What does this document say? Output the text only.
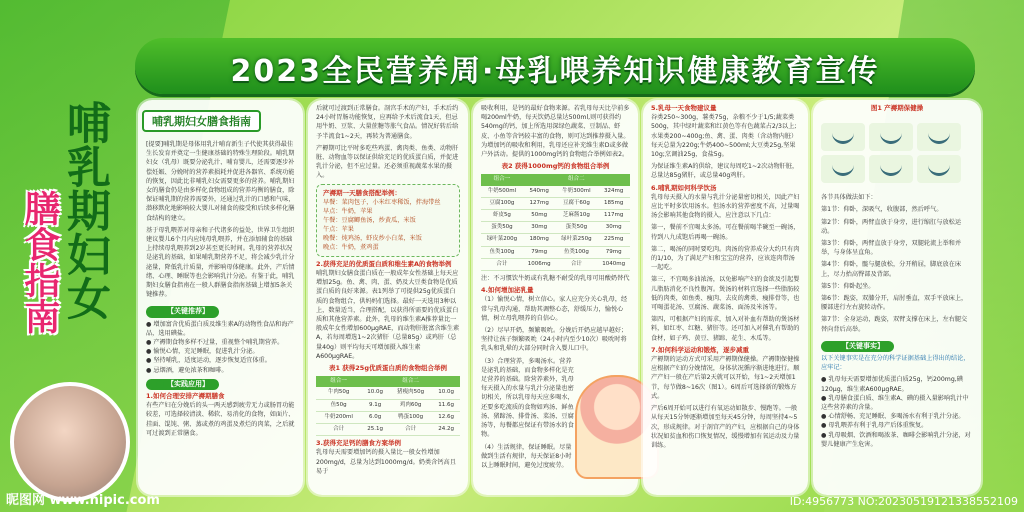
2023全民营养周·母乳喂养知识健康教育宣传
哺乳期妇女
膳食指南
哺乳期妇女膳食指南

[提要]哺乳期是母体用乳汁哺育新生子代使其获得最佳生长发育并奠定一生健康基础的特殊生理阶段。哺乳期妇女（乳母）既要分泌乳汁、哺育婴儿，还需要逐步补偿妊娠、分娩时的营养素损耗并促进各器官、系统功能的恢复，因此比非哺乳妇女需要更多的营养。哺乳期妇女的膳食仍是由多样化食物组成的营养均衡的膳食，除保证哺乳期的营养需要外，还通过乳汁的口感和气味，潜移默化地影响较大婴儿对辅食的接受和后续多样化膳食结构的建立。

基于母乳喂养对母亲和子代诸多的益处，世界卫生组织建议婴儿6个月内应纯母乳喂养，并在添加辅食的基础上持续母乳喂养到2岁甚至更长时间。乳母的营养状况是泌乳的基础，如果哺乳期营养不足，将会减少乳汁分泌量，降低乳汁质量，并影响母体健康。此外，产后情绪、心理、睡眠等也会影响乳汁分泌。有鉴于此，哺乳期妇女膳食指南在一般人群膳食指南基础上增加5条关键推荐。

【关键推荐】
● 增加富含优质蛋白质及维生素A的动物性食品和海产品，选用碘盐。
● 产褥期食物多样不过量，重视整个哺乳期营养。
● 愉悦心情，充足睡眠，促进乳汁分泌。
● 坚持哺乳，适度运动，逐步恢复适宜体重。
● 忌烟酒，避免浓茶和咖啡。
【实践应用】
1.如何合理安排产褥期膳食

有些产妇在分娩后的头一两天感到疲劳无力或肠胃功能较差，可选择较清淡、稀软、易消化的食物，如面片、挂面、馄饨、粥、蒸或煮的鸡蛋及煮烂的肉菜，之后就可过渡到正常膳食。

后就可过渡到正常膳食。剖宫手术的产妇，手术后约24小时胃肠功能恢复，应再给予术后流食1天，但忌用牛奶、豆浆、大量蔗糖等胀气食品。情况好转后给予半流食1~2天，再转为普通膳食。

产褥期可比平时多吃些鸡蛋、禽肉类、鱼类、动物肝脏、动物血等以保证供给充足的优质蛋白质，并促进乳汁分泌，但不应过量。还必须重视蔬菜水果的摄入。

产褥期一天膳食搭配举例：
早餐：菜肉包子，小米红枣稀饭，拌海带丝
早点：牛奶，苹果
午餐：豆腐鲫鱼汤，炒黄瓜，米饭
午点：苹果
晚餐：炖鸡汤，虾皮炒小白菜，米饭
晚点：牛奶，煮鸡蛋
2.获得充足的优质蛋白质和维生素A的食物举例

哺乳期妇女膳食蛋白质在一般成年女性基础上每天应增加25g。鱼、禽、肉、蛋、奶及大豆类食物是优质蛋白质的良好来源。表1列举了可提供25g优质蛋白质的食物组合，供妈妈们选择。最好一天选用3种以上，数量适当，合理搭配，以获得所需要的优质蛋白质和其他营养素。此外，乳母的维生素A推荐量比一般成年女性增加600μgRAE，而动物肝脏富含维生素A，若每周增选1~2次猪肝（总量85g）或鸡肝（总量40g）则平均每天可增加摄入维生素A600μgRAE。

表1 获得25g优质蛋白质的食物组合举例
组合一		组合二	
牛肉50g	10.0g	猪瘦肉50g	10.0g
鱼50g	9.1g	鸡肉60g	11.6g
牛奶200ml	6.0g	鸭蛋100g	12.6g
合计	25.1g	合计	24.2g
3.获得充足钙的膳食方案举例

乳母每天需要增加钙的摄入量比一般女性增加200mg/d，总量为达到1000mg/d。奶类含钙高且易于

吸收利用，是钙的最好食物来源。若乳母每天比孕前多喝200ml牛奶，每天饮奶总量达500ml,则可获得约540mg的钙，加上所选用深绿色蔬菜、豆制品、虾皮、小鱼等含钙较丰富的食物，则可达到推荐摄入量。为增加钙的吸收和利用，乳母还应补充维生素D或多做户外活动。提供的1000mg钙的食物组合举例如表2。

表2 获得1000mg钙的食物组合举例
组合一		组合二	
牛奶500ml	540mg	牛奶300ml	324mg
豆腐100g	127mg	豆腐干60g	185mg
虾皮5g	50mg	芝麻酱10g	117mg
蛋类50g	30mg	蛋类50g	30mg
绿叶菜200g	180mg	绿叶菜250g	225mg
鱼类100g	79mg	鱼类100g	79mg
合计	1006mg	合计	1040mg

注：不习惯饮牛奶或有乳糖不耐受的乳母可用酸奶替代

4.如何增加泌乳量

（1）愉悦心情，树立信心。家人应充分关心乳母，经常与乳母沟通，帮助其调整心态，舒缓压力，愉悦心情，树立母乳喂养的自信心。

（2）尽早开奶，频繁吸吮。分娩后开奶应越早越好；坚持让孩子频繁吸吮（24小时内至少10次）吸吮时将乳头和乳晕的大部分同时含入婴儿口中。

（3）合理营养，多喝汤水。营养是泌乳的基础，而食物多样化是充足营养的基础。除营养素外，乳母每天摄入的水量与乳汁分泌量也密切相关，所以乳母每天应多喝水，还要多吃流质的食物如鸡汤、鲜鱼汤、猪蹄汤、排骨汤、菜汤、豆腐汤等，每餐都应保证有带汤水的食物。

（4）生活规律，保证睡眠。尽量做到生活有规律，每天保证8小时以上睡眠时间，避免过度疲劳。

5.乳母一天食物建议量

谷类250~300g，薯类75g，杂粮不少于1/5;蔬菜类500g，其中绿叶蔬菜和红黄色等有色蔬菜占2/3以上;水果类200~400g;鱼、禽、蛋、肉类（含动物内脏）每天总量为220g;牛奶400~500ml;大豆类25g,坚果10g;烹调油25g，食盐5g。

为保证维生素A的供给，建议每周吃1~2次动物肝脏，总量达85g猪肝，或总量40g鸡肝。

6.哺乳期如何科学饮汤

乳母每天摄入的水量与乳汁分泌量密切相关，因此产妇应比平时多饮用汤水。但汤水的营养密度不高，过量喝汤会影响其他食物的摄入，应注意以下几点：

第一，餐前不宜喝太多汤。可在餐前喝半碗至一碗汤，待到八九成饱后再喝一碗汤。

第二，喝汤的同时要吃肉。肉汤的营养成分大约只有肉的1/10，为了满足产妇和宝宝的营养，应该连肉带汤一起吃。

第三，不宜喝多油浓汤，以免影响产妇的食欲及引起婴儿脂肪消化不良性腹泻。煲汤的材料宜选择一些脂肪较低的肉类，如鱼类、瘦肉、去皮的禽类、瘦排骨等，也可喝蛋花汤、豆腐汤、蔬菜汤、面汤及米汤等。

第四，可根据产妇的需求，加入对补血有帮助的煲汤材料，如红枣、红糖、猪肝等。还可加入对催乳有帮助的食材，如子鸡、黄豆、猪蹄、花生、木瓜等。

7.如何科学运动和锻炼，逐步减重

产褥期的运动方式可采用产褥期保健操。产褥期保健操应根据产妇的分娩情况，身体状况循序渐进地进行。顺产产妇一般在产后第2天就可以开始，每1~2天增加1节，每节做8~16次（图1）。6周后可选择新的锻炼方式。

产后6周开始可以进行有氧运动如散步、慢跑等。一般从每天15分钟逐渐增加至每天45分钟，每周坚持4~5次，形成规律。对于剖宫产的产妇，应根据自己的身体状况如贫血和伤口恢复情况，缓慢增加有氧运动及力量训练。

图1 产褥期保健操

各节具体做法如下：

第1节：仰卧，深吸气，收腹部，然后呼气。

第2节：仰卧，两臂直放于身旁，进行缩肛与放松运动。

第3节：仰卧，两臂直放于身旁，双腿轮流上举和并举，与身体呈直角。

第4节：仰卧，髋与腿放松，分开稍屈，脚底放在床上，尽力抬高臀部及背部。

第5节：仰卧起坐。

第6节：跪姿，双膝分开，肩肘垂直，双手平放床上，腰部进行左右旋转动作。

第7节：全身运动，跪姿，双臂支撑在床上，左右腿交替向背后高举。

【关键事实】

以下关键事实是在充分的科学证据基础上得出的结论，应牢记：

● 乳母每天需要增加优质蛋白质25g，钙200mg,碘120μg，维生素A600μgRAE。
● 乳母膳食蛋白质、维生素A、碘的摄入量影响乳汁中这些营养素的含量。
● 心情舒畅、充足睡眠、多喝汤水有利于乳汁分泌。
● 母乳喂养有利于乳母产后体重恢复。
● 乳母吸烟、饮酒和喝浓茶、咖啡会影响乳汁分泌，对婴儿健康产生危害。
昵图网 www.nipic.com	ID:4956773 NO:20230519121338552109
